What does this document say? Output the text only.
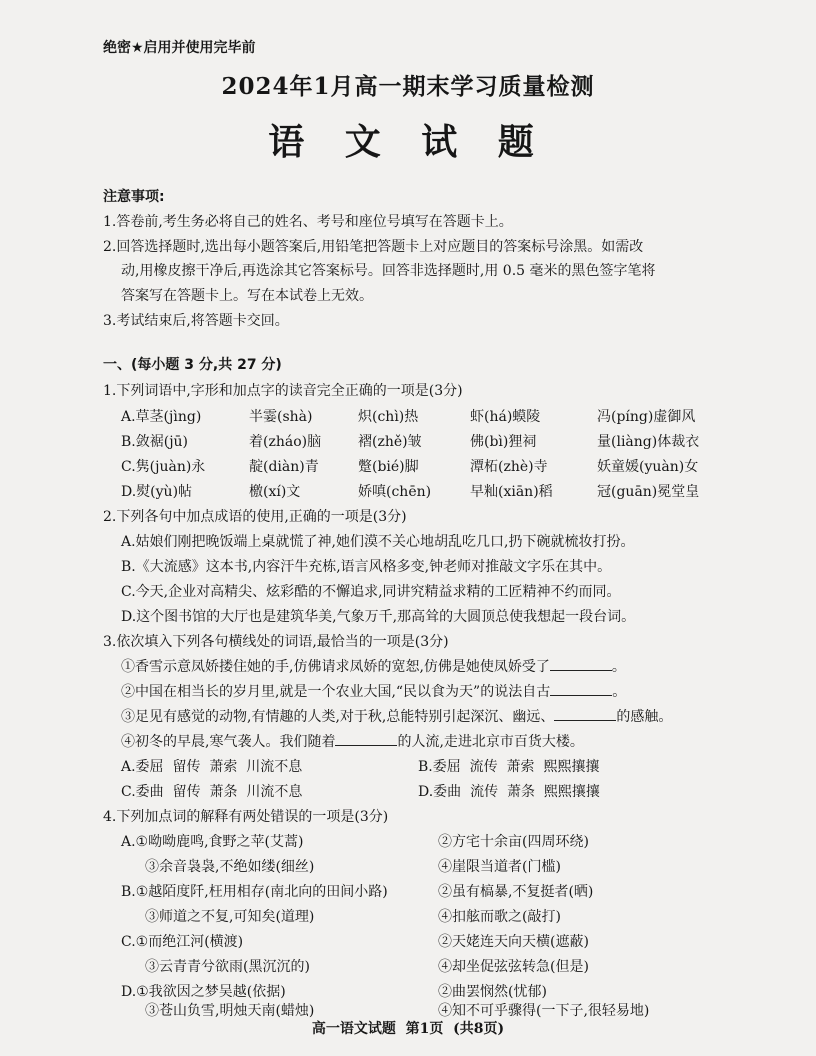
绝密★启用并使用完毕前
2024年1月高一期末学习质量检测
语 文 试 题
注意事项:
1.答卷前,考生务必将自己的姓名、考号和座位号填写在答题卡上。
2.回答选择题时,选出每小题答案后,用铅笔把答题卡上对应题目的答案标号涂黑。如需改
动,用橡皮擦干净后,再选涂其它答案标号。回答非选择题时,用 0.5 毫米的黑色签字笔将
答案写在答题卡上。写在本试卷上无效。
3.考试结束后,将答题卡交回。
一、(每小题 3 分,共 27 分)
1.下列词语中,字形和加点字的读音完全正确的一项是(3分)
A.草茎(jìng)	半霎(shà)	炽(chì)热	虾(há)蟆陵	冯(píng)虚御风
B.敛裾(jū)	着(zháo)脑	褶(zhě)皱	佛(bì)狸祠	量(liàng)体裁衣
C.隽(juàn)永	靛(diàn)青	蹩(bié)脚	潭柘(zhè)寺	妖童媛(yuàn)女
D.熨(yù)帖	檄(xí)文	娇嗔(chēn)	早籼(xiān)稻	冠(guān)冕堂皇
2.下列各句中加点成语的使用,正确的一项是(3分)
A.姑娘们刚把晚饭端上桌就慌了神,她们漠不关心地胡乱吃几口,扔下碗就梳妆打扮。
B.《大流感》这本书,内容汗牛充栋,语言风格多变,钟老师对推敲文字乐在其中。
C.今天,企业对高精尖、炫彩酷的不懈追求,同讲究精益求精的工匠精神不约而同。
D.这个图书馆的大厅也是建筑华美,气象万千,那高耸的大圆顶总使我想起一段台词。
3.依次填入下列各句横线处的词语,最恰当的一项是(3分)
①香雪示意凤娇搂住她的手,仿佛请求凤娇的宽恕,仿佛是她使凤娇受了	。
②中国在相当长的岁月里,就是一个农业大国,“民以食为天”的说法自古	。
③足见有感觉的动物,有情趣的人类,对于秋,总能特别引起深沉、幽远、	的感触。
④初冬的早晨,寒气袭人。我们随着	的人流,走进北京市百货大楼。
A.委屈  留传  萧索  川流不息	B.委屈  流传  萧索  熙熙攘攘
C.委曲  留传  萧条  川流不息	D.委曲  流传  萧条  熙熙攘攘
4.下列加点词的解释有两处错误的一项是(3分)
A.①呦呦鹿鸣,食野之苹(艾蒿)	②方宅十余亩(四周环绕)
③余音袅袅,不绝如缕(细丝)	④崖限当道者(门槛)
B.①越陌度阡,枉用相存(南北向的田间小路)	②虽有槁暴,不复挺者(晒)
③师道之不复,可知矣(道理)	④扣舷而歌之(敲打)
C.①而绝江河(横渡)	②天姥连天向天横(遮蔽)
③云青青兮欲雨(黑沉沉的)	④却坐促弦弦转急(但是)
D.①我欲因之梦吴越(依据)	②曲罢悯然(忧郁)
③苍山负雪,明烛天南(蜡烛)	④知不可乎骤得(一下子,很轻易地)
高一语文试题  第1页  (共8页)
